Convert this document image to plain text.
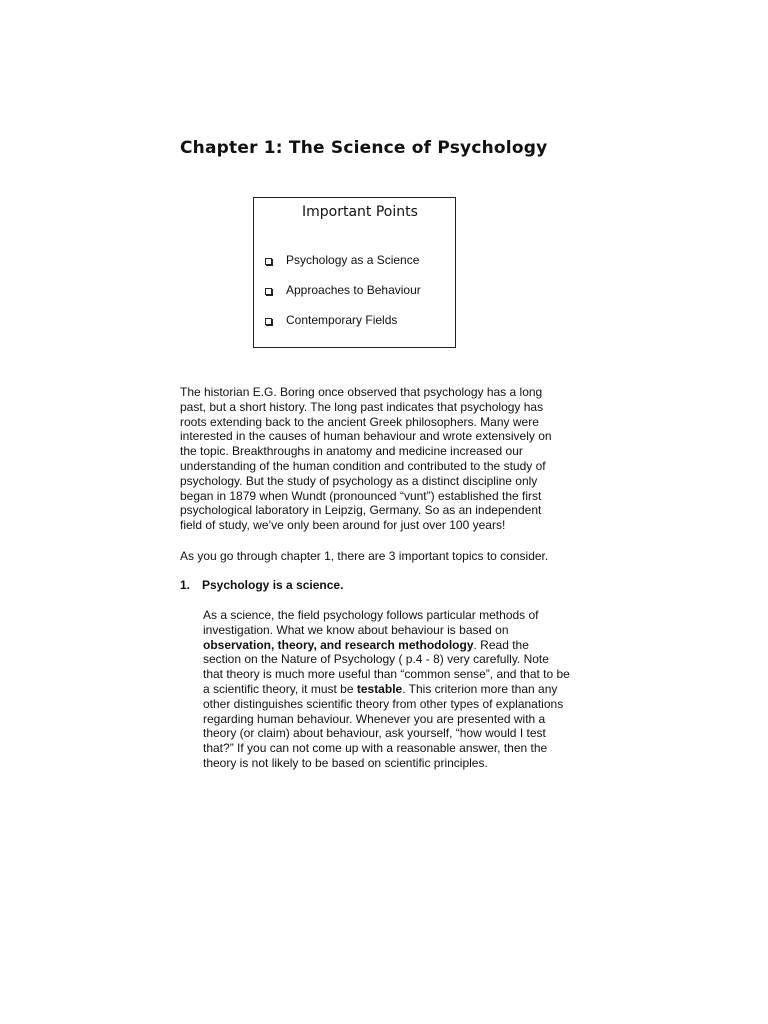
Chapter 1: The Science of Psychology
Important Points
Psychology as a Science
Approaches to Behaviour
Contemporary Fields
The historian E.G. Boring once observed that psychology has a long
past, but a short history. The long past indicates that psychology has
roots extending back to the ancient Greek philosophers. Many were
interested in the causes of human behaviour and wrote extensively on
the topic. Breakthroughs in anatomy and medicine increased our
understanding of the human condition and contributed to the study of
psychology. But the study of psychology as a distinct discipline only
began in 1879 when Wundt (pronounced “vunt”) established the first
psychological laboratory in Leipzig, Germany. So as an independent
field of study, we’ve only been around for just over 100 years!
As you go through chapter 1, there are 3 important topics to consider.
1. Psychology is a science.
As a science, the field psychology follows particular methods of
investigation. What we know about behaviour is based on
observation, theory, and research methodology. Read the
section on the Nature of Psychology ( p.4 - 8) very carefully. Note
that theory is much more useful than “common sense”, and that to be
a scientific theory, it must be testable. This criterion more than any
other distinguishes scientific theory from other types of explanations
regarding human behaviour. Whenever you are presented with a
theory (or claim) about behaviour, ask yourself, “how would I test
that?” If you can not come up with a reasonable answer, then the
theory is not likely to be based on scientific principles.
